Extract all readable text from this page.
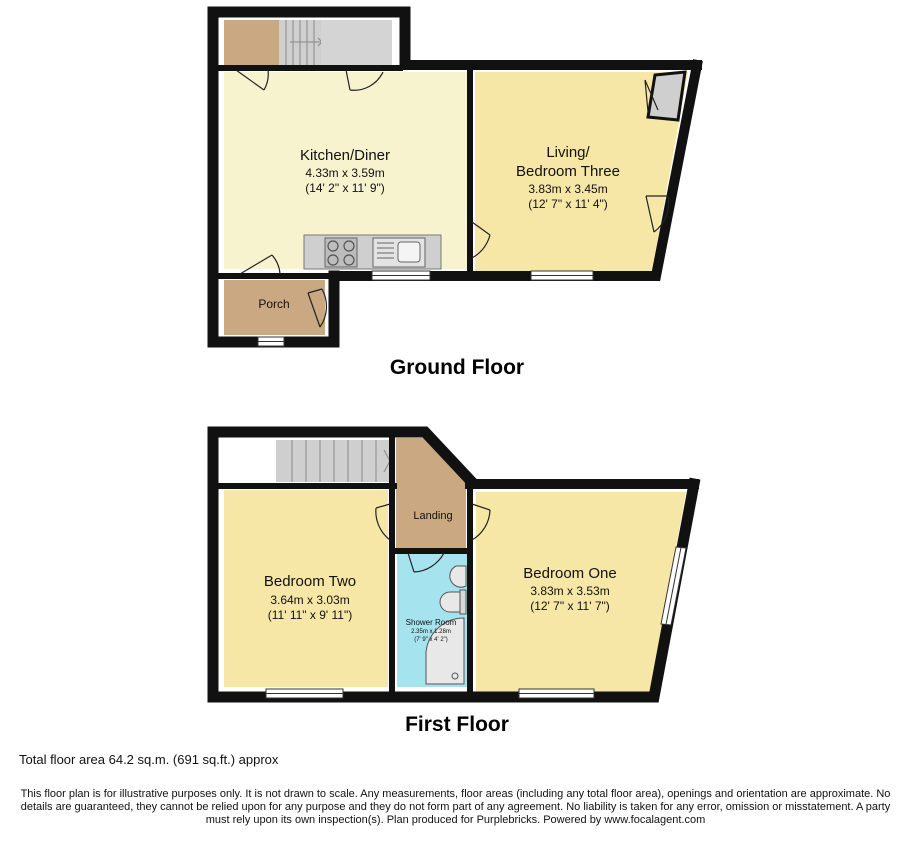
Kitchen/Diner
4.33m x 3.59m
(14' 2" x 11' 9")
Living/
Bedroom Three
3.83m x 3.45m
(12' 7" x 11' 4")
Porch
Ground Floor
Landing
Bedroom Two
3.64m x 3.03m
(11' 11" x 9' 11")
Bedroom One
3.83m x 3.53m
(12' 7" x 11' 7")
Shower Room
2.35m x 1.28m
(7' 9" x 4' 2")
First Floor
Total floor area 64.2 sq.m. (691 sq.ft.) approx
This floor plan is for illustrative purposes only. It is not drawn to scale. Any measurements, floor areas (including any total floor area), openings and orientation are approximate. No details are guaranteed, they cannot be relied upon for any purpose and they do not form part of any agreement. No liability is taken for any error, omission or misstatement. A party must rely upon its own inspection(s). Plan produced for Purplebricks. Powered by www.focalagent.com
